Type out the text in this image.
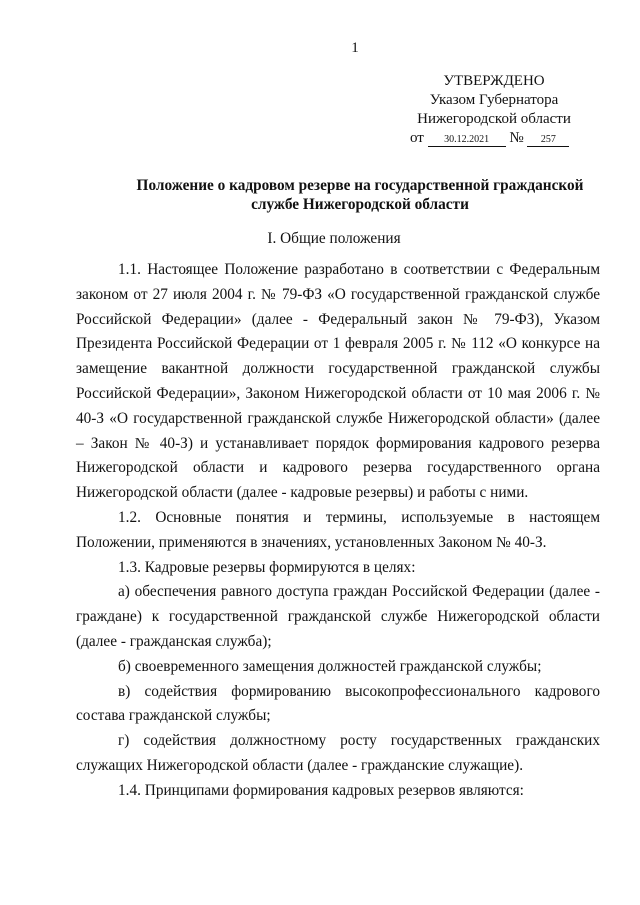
1
УТВЕРЖДЕНО
Указом Губернатора
Нижегородской области
от 30.12.2021 № 257
Положение о кадровом резерве на государственной гражданской
службе Нижегородской области
I. Общие положения

1.1. Настоящее Положение разработано в соответствии с Федеральным законом от 27 июля 2004 г. № 79-ФЗ «О государственной гражданской службе Российской Федерации» (далее - Федеральный закон № 79-ФЗ), Указом Президента Российской Федерации от 1 февраля 2005 г. № 112 «О конкурсе на замещение вакантной должности государственной гражданской службы Российской Федерации», Законом Нижегородской области от 10 мая 2006 г. № 40-З «О государственной гражданской службе Нижегородской области» (далее – Закон № 40-З) и устанавливает порядок формирования кадрового резерва Нижегородской области и кадрового резерва государственного органа Нижегородской области (далее - кадровые резервы) и работы с ними.

1.2. Основные понятия и термины, используемые в настоящем Положении, применяются в значениях, установленных Законом № 40-З.

1.3. Кадровые резервы формируются в целях:

а) обеспечения равного доступа граждан Российской Федерации (далее - граждане) к государственной гражданской службе Нижегородской области (далее - гражданская служба);

б) своевременного замещения должностей гражданской службы;

в) содействия формированию высокопрофессионального кадрового состава гражданской службы;

г) содействия должностному росту государственных гражданских служащих Нижегородской области (далее - гражданские служащие).

1.4. Принципами формирования кадровых резервов являются:
